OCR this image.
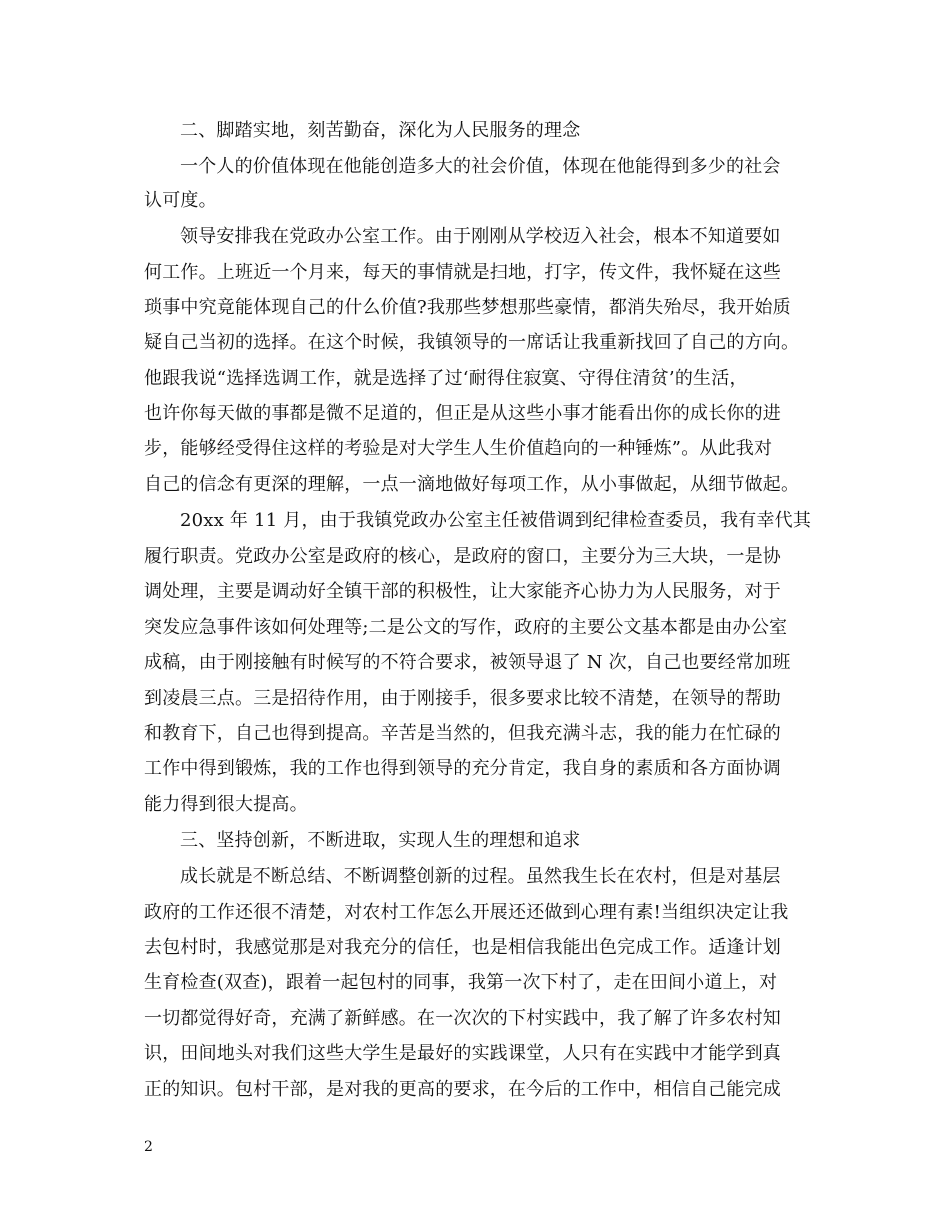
二、脚踏实地，刻苦勤奋，深化为人民服务的理念
一个人的价值体现在他能创造多大的社会价值，体现在他能得到多少的社会
认可度。
领导安排我在党政办公室工作。由于刚刚从学校迈入社会，根本不知道要如
何工作。上班近一个月来，每天的事情就是扫地，打字，传文件，我怀疑在这些
琐事中究竟能体现自己的什么价值?我那些梦想那些豪情，都消失殆尽，我开始质
疑自己当初的选择。在这个时候，我镇领导的一席话让我重新找回了自己的方向。
他跟我说“选择选调工作，就是选择了过‘耐得住寂寞、守得住清贫’的生活，
也许你每天做的事都是微不足道的，但正是从这些小事才能看出你的成长你的进
步，能够经受得住这样的考验是对大学生人生价值趋向的一种锤炼”。从此我对
自己的信念有更深的理解，一点一滴地做好每项工作，从小事做起，从细节做起。
20xx 年 11 月，由于我镇党政办公室主任被借调到纪律检查委员，我有幸代其
履行职责。党政办公室是政府的核心，是政府的窗口，主要分为三大块，一是协
调处理，主要是调动好全镇干部的积极性，让大家能齐心协力为人民服务，对于
突发应急事件该如何处理等;二是公文的写作，政府的主要公文基本都是由办公室
成稿，由于刚接触有时候写的不符合要求，被领导退了 N 次，自己也要经常加班
到凌晨三点。三是招待作用，由于刚接手，很多要求比较不清楚，在领导的帮助
和教育下，自己也得到提高。辛苦是当然的，但我充满斗志，我的能力在忙碌的
工作中得到锻炼，我的工作也得到领导的充分肯定，我自身的素质和各方面协调
能力得到很大提高。
三、坚持创新，不断进取，实现人生的理想和追求
成长就是不断总结、不断调整创新的过程。虽然我生长在农村，但是对基层
政府的工作还很不清楚，对农村工作怎么开展还还做到心理有素!当组织决定让我
去包村时，我感觉那是对我充分的信任，也是相信我能出色完成工作。适逢计划
生育检查(双查)，跟着一起包村的同事，我第一次下村了，走在田间小道上，对
一切都觉得好奇，充满了新鲜感。在一次次的下村实践中，我了解了许多农村知
识，田间地头对我们这些大学生是最好的实践课堂，人只有在实践中才能学到真
正的知识。包村干部，是对我的更高的要求，在今后的工作中，相信自己能完成
2
